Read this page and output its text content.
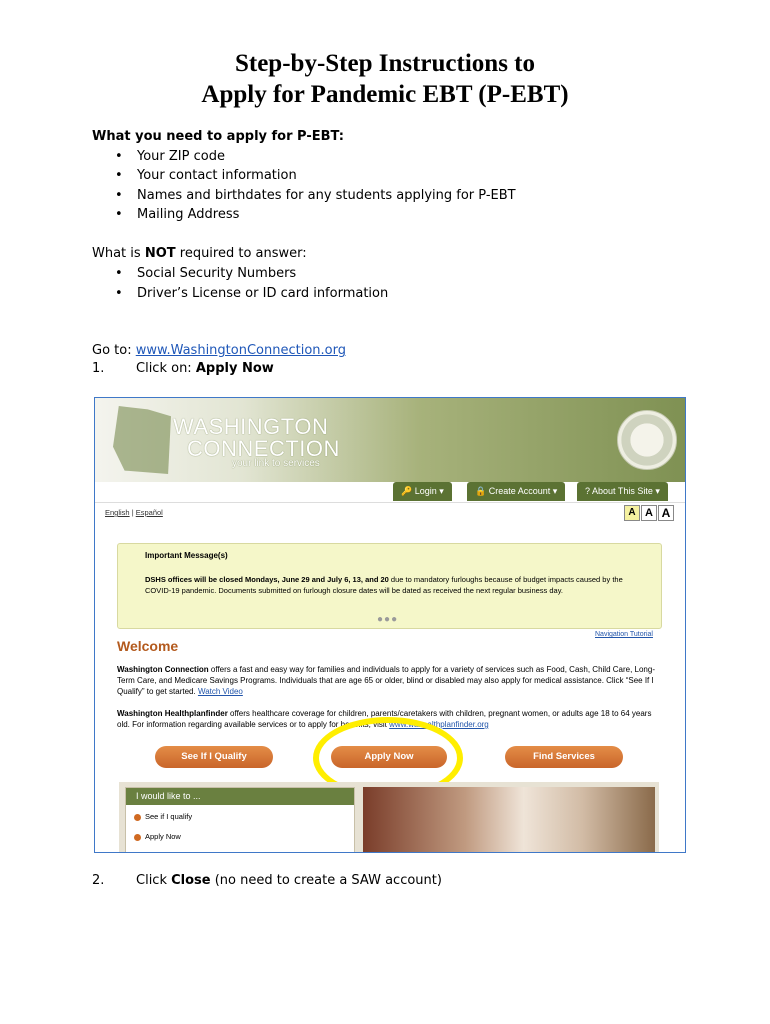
Step-by-Step Instructions to
Apply for Pandemic EBT (P-EBT)
What you need to apply for P-EBT:
• Your ZIP code
• Your contact information
• Names and birthdates for any students applying for P-EBT
• Mailing Address
What is NOT required to answer:
• Social Security Numbers
• Driver’s License or ID card information
Go to: www.WashingtonConnection.org
1. Click on: Apply Now
WASHINGTON
CONNECTION
your link to services
🔑 Login ▾	🔒 Create Account ▾	? About This Site ▾
English | Español	A A A
Important Message(s)
DSHS offices will be closed Mondays, June 29 and July 6, 13, and 20 due to mandatory furloughs because of budget impacts caused by the COVID-19 pandemic. Documents submitted on furlough closure dates will be dated as received the next regular business day.
●●●
Welcome
Navigation Tutorial
Washington Connection offers a fast and easy way for families and individuals to apply for a variety of services such as Food, Cash, Child Care, Long-Term Care, and Medicare Savings Programs. Individuals that are age 65 or older, blind or disabled may also apply for medical assistance. Click “See If I Qualify” to get started. Watch Video
Washington Healthplanfinder offers healthcare coverage for children, parents/caretakers with children, pregnant women, or adults age 18 to 64 years old. For information regarding available services or to apply for benefits, visit www.wahealthplanfinder.org
See If I Qualify	Apply Now	Find Services
I would like to ...
See if I qualify
Apply Now
2. Click Close (no need to create a SAW account)
